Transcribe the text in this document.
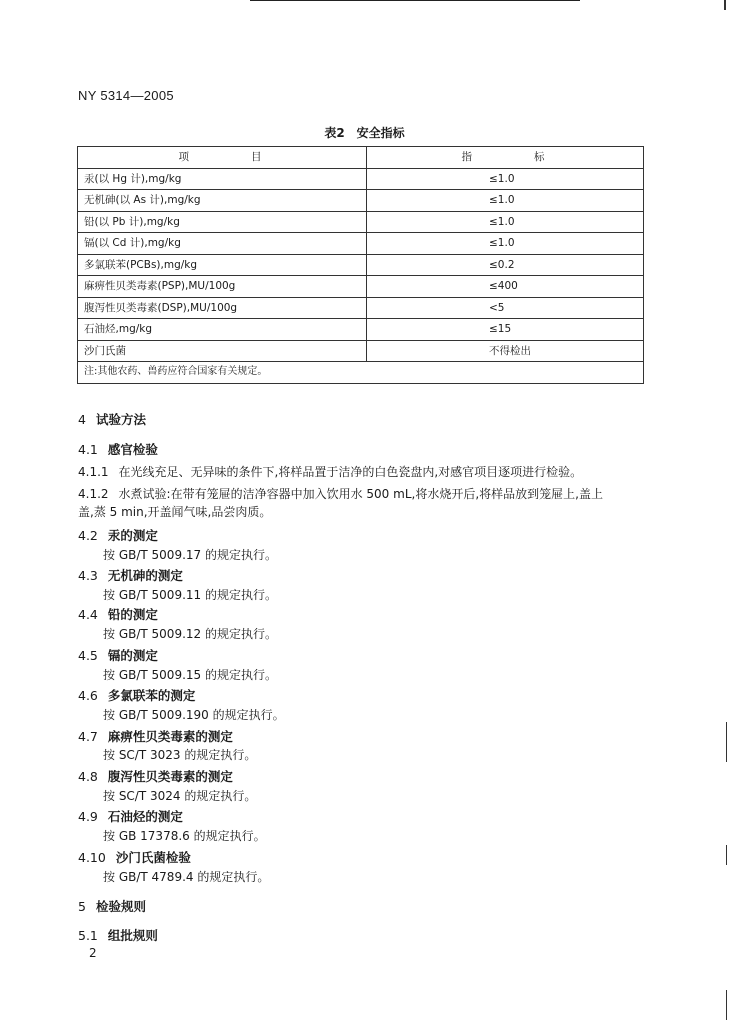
NY 5314—2005
表2　安全指标
项　　　　目	指　　　　标
汞(以 Hg 计),mg/kg	≤1.0
无机砷(以 As 计),mg/kg	≤1.0
铅(以 Pb 计),mg/kg	≤1.0
镉(以 Cd 计),mg/kg	≤1.0
多氯联苯(PCBs),mg/kg	≤0.2
麻痹性贝类毒素(PSP),MU/100g	≤400
腹泻性贝类毒素(DSP),MU/100g	<5
石油烃,mg/kg	≤15
沙门氏菌	不得检出
注:其他农药、兽药应符合国家有关规定。	
4 试验方法
4.1 感官检验
4.1.1 在光线充足、无异味的条件下,将样品置于洁净的白色瓷盘内,对感官项目逐项进行检验。
4.1.2 水煮试验:在带有笼屉的洁净容器中加入饮用水 500 mL,将水烧开后,将样品放到笼屉上,盖上
盖,蒸 5 min,开盖闻气味,品尝肉质。
4.2 汞的测定
按 GB/T 5009.17 的规定执行。
4.3 无机砷的测定
按 GB/T 5009.11 的规定执行。
4.4 铅的测定
按 GB/T 5009.12 的规定执行。
4.5 镉的测定
按 GB/T 5009.15 的规定执行。
4.6 多氯联苯的测定
按 GB/T 5009.190 的规定执行。
4.7 麻痹性贝类毒素的测定
按 SC/T 3023 的规定执行。
4.8 腹泻性贝类毒素的测定
按 SC/T 3024 的规定执行。
4.9 石油烃的测定
按 GB 17378.6 的规定执行。
4.10 沙门氏菌检验
按 GB/T 4789.4 的规定执行。
5 检验规则
5.1 组批规则
2
